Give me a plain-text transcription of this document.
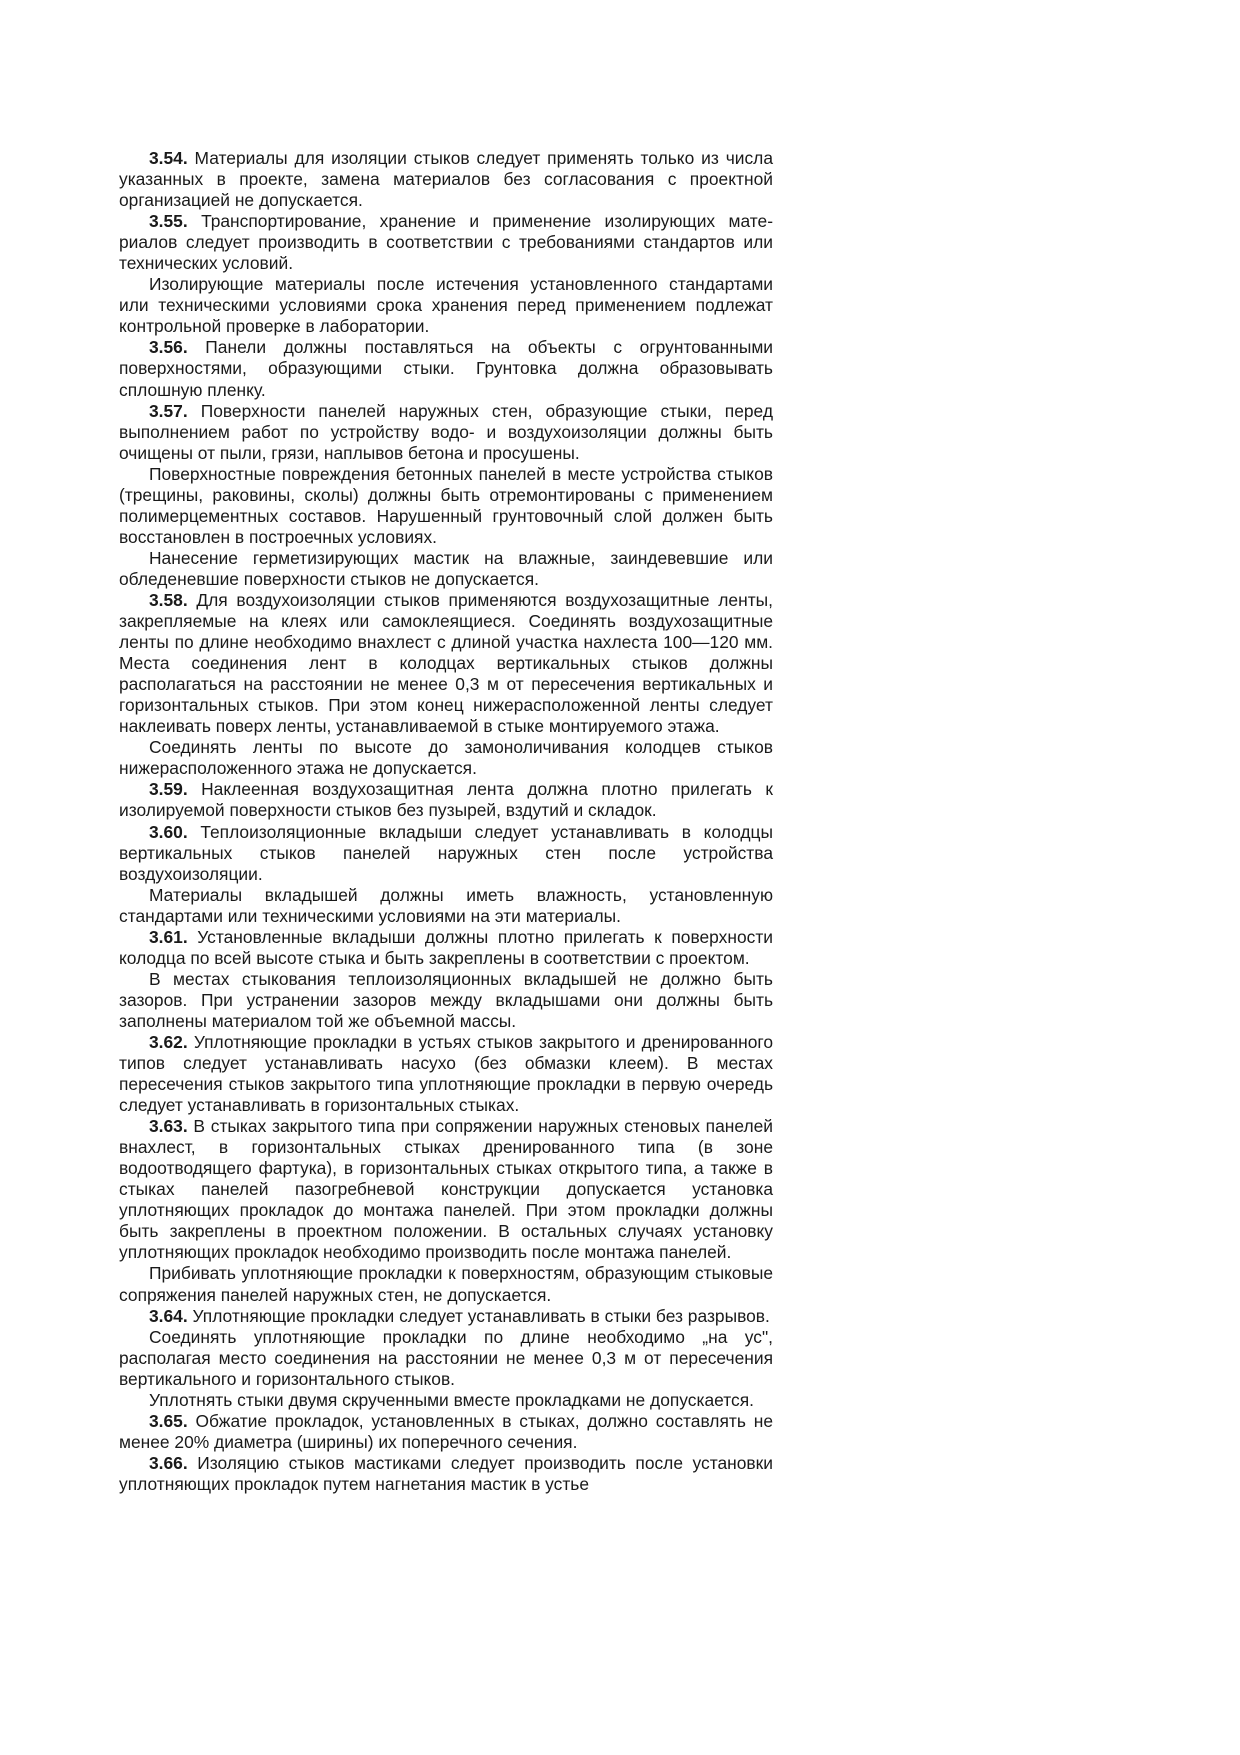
3.54. Материалы для изоляции стыков следует применять только из числа указанных в проекте, замена материалов без согласования с проектной организацией не допускается.

3.55. Транспортирование, хранение и применение изолирующих материалов следует производить в соответствии с требованиями стандартов или технических условий.

Изолирующие материалы после истечения установленного стандартами или техническими условиями срока хранения перед применением подлежат контрольной проверке в лаборатории.

3.56. Панели должны поставляться на объекты с огрунтованными поверхностями, образующими стыки. Грунтовка должна образовывать сплошную пленку.

3.57. Поверхности панелей наружных стен, образующие стыки, перед выполнением работ по устройству водо- и воздухоизоляции должны быть очищены от пыли, грязи, наплывов бетона и просушены.

Поверхностные повреждения бетонных панелей в месте устройства стыков (трещины, раковины, сколы) должны быть отремонтированы с применением полимерцементных составов. Нарушенный грунтовочный слой должен быть восстановлен в построечных условиях.

Нанесение герметизирующих мастик на влажные, заиндевевшие или обледеневшие поверхности стыков не допускается.

3.58. Для воздухоизоляции стыков применяются воздухозащитные ленты, закрепляемые на клеях или самоклеящиеся. Соединять воздухозащитные ленты по длине необходимо внахлест с длиной участка нахлеста 100—120 мм. Места соединения лент в колодцах вертикальных стыков должны располагаться на расстоянии не менее 0,3 м от пересечения вертикальных и горизонтальных стыков. При этом конец нижерасположенной ленты следует наклеивать поверх ленты, устанавливаемой в стыке монтируемого этажа.

Соединять ленты по высоте до замоноличивания колодцев стыков нижерасположенного этажа не допускается.

3.59. Наклеенная воздухозащитная лента должна плотно прилегать к изолируемой поверхности стыков без пузырей, вздутий и складок.

3.60. Теплоизоляционные вкладыши следует устанавливать в колодцы вертикальных стыков панелей наружных стен после устройства воздухоизоляции.

Материалы вкладышей должны иметь влажность, установленную стандартами или техническими условиями на эти материалы.

3.61. Установленные вкладыши должны плотно прилегать к поверхности колодца по всей высоте стыка и быть закреплены в соответствии с проектом.

В местах стыкования теплоизоляционных вкладышей не должно быть зазоров. При устранении зазоров между вкладышами они должны быть заполнены материалом той же объемной массы.

3.62. Уплотняющие прокладки в устьях стыков закрытого и дренированного типов следует устанавливать насухо (без обмазки клеем). В местах пересечения стыков закрытого типа уплотняющие прокладки в первую очередь следует устанавливать в горизонтальных стыках.

3.63. В стыках закрытого типа при сопряжении наружных стеновых панелей внахлест, в горизонтальных стыках дренированного типа (в зоне водоотводящего фартука), в горизонтальных стыках открытого типа, а также в стыках панелей пазогребневой конструкции допускается установка уплотняющих прокладок до монтажа панелей. При этом прокладки должны быть закреплены в проектном положении. В остальных случаях установку уплотняющих прокладок необходимо производить после монтажа панелей.

Прибивать уплотняющие прокладки к поверхностям, образующим стыковые сопряжения панелей наружных стен, не допускается.

3.64. Уплотняющие прокладки следует устанавливать в стыки без разрывов.

Соединять уплотняющие прокладки по длине необходимо „на ус", располагая место соединения на расстоянии не менее 0,3 м от пересечения вертикального и горизонтального стыков.

Уплотнять стыки двумя скрученными вместе прокладками не допускается.

3.65. Обжатие прокладок, установленных в стыках, должно составлять не менее 20% диаметра (ширины) их поперечного сечения.

3.66. Изоляцию стыков мастиками следует производить после установки уплотняющих прокладок путем нагнетания мастик в устье
